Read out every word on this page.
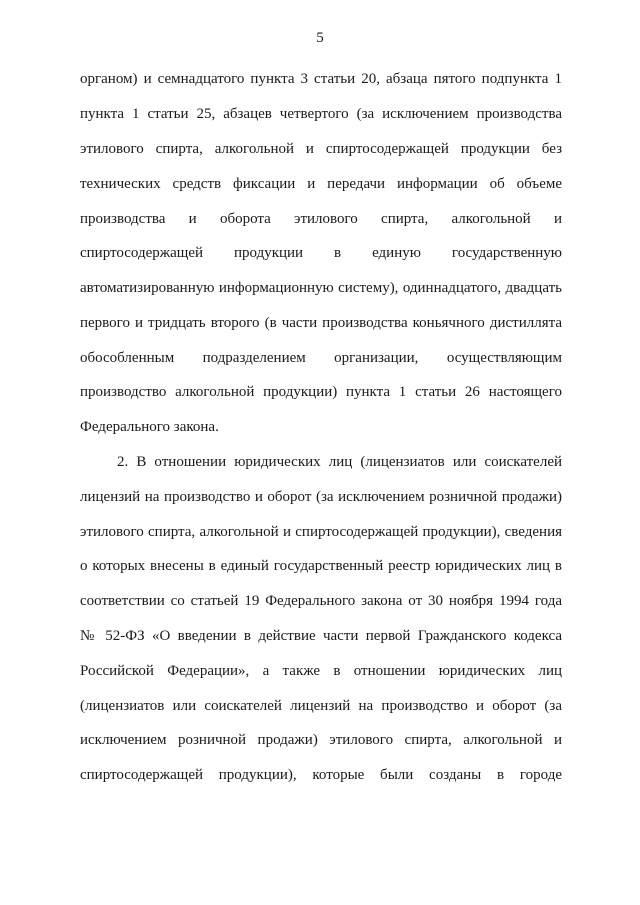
5
органом) и семнадцатого пункта 3 статьи 20, абзаца пятого подпункта 1
пункта 1 статьи 25, абзацев четвертого (за исключением производства
этилового спирта, алкогольной и спиртосодержащей продукции без
технических средств фиксации и передачи информации об объеме
производства и оборота этилового спирта, алкогольной и
спиртосодержащей продукции в единую государственную
автоматизированную информационную систему), одиннадцатого, двадцать
первого и тридцать второго (в части производства коньячного дистиллята
обособленным подразделением организации, осуществляющим
производство алкогольной продукции) пункта 1 статьи 26 настоящего
Федерального закона.
2. В отношении юридических лиц (лицензиатов или соискателей
лицензий на производство и оборот (за исключением розничной продажи)
этилового спирта, алкогольной и спиртосодержащей продукции), сведения
о которых внесены в единый государственный реестр юридических лиц в
соответствии со статьей 19 Федерального закона от 30 ноября 1994 года
№ 52-ФЗ «О введении в действие части первой Гражданского кодекса
Российской Федерации», а также в отношении юридических лиц
(лицензиатов или соискателей лицензий на производство и оборот (за
исключением розничной продажи) этилового спирта, алкогольной и
спиртосодержащей продукции), которые были созданы в городе
